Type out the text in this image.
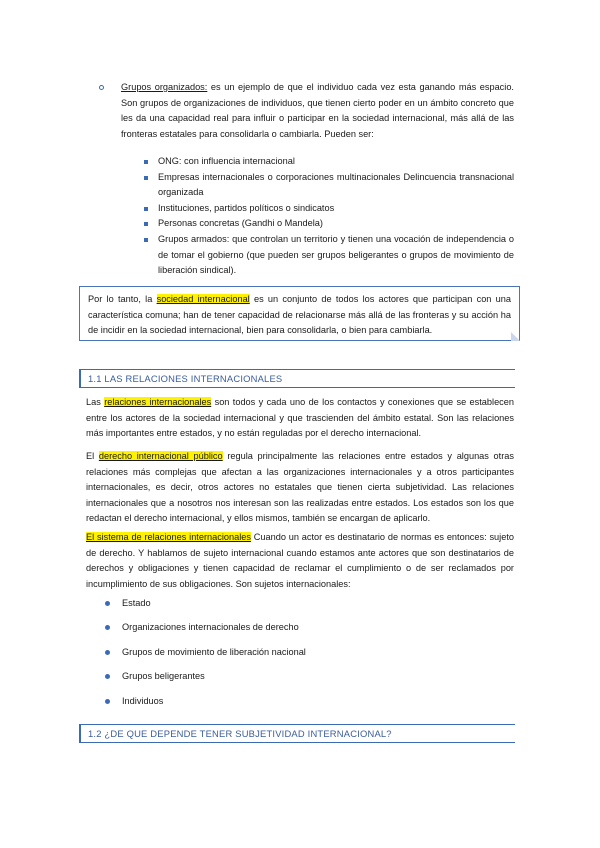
Grupos organizados: es un ejemplo de que el individuo cada vez esta ganando más espacio. Son grupos de organizaciones de individuos, que tienen cierto poder en un ámbito concreto que les da una capacidad real para influir o participar en la sociedad internacional, más allá de las fronteras estatales para consolidarla o cambiarla. Pueden ser:

ONG: con influencia internacional
Empresas internacionales o corporaciones multinacionales Delincuencia transnacional organizada
Instituciones, partidos políticos o sindicatos
Personas concretas (Gandhi o Mandela)
Grupos armados: que controlan un territorio y tienen una vocación de independencia o de tomar el gobierno (que pueden ser grupos beligerantes o grupos de movimiento de liberación sindical).

Por lo tanto, la sociedad internacional es un conjunto de todos los actores que participan con una característica comuna; han de tener capacidad de relacionarse más allá de las fronteras y su acción ha de incidir en la sociedad internacional, bien para consolidarla, o bien para cambiarla.

1.1 LAS RELACIONES INTERNACIONALES

Las relaciones internacionales son todos y cada uno de los contactos y conexiones que se establecen entre los actores de la sociedad internacional y que trascienden del ámbito estatal. Son las relaciones más importantes entre estados, y no están reguladas por el derecho internacional.

El derecho internacional público regula principalmente las relaciones entre estados y algunas otras relaciones más complejas que afectan a las organizaciones internacionales y a otros participantes internacionales, es decir, otros actores no estatales que tienen cierta subjetividad. Las relaciones internacionales que a nosotros nos interesan son las realizadas entre estados. Los estados son los que redactan el derecho internacional, y ellos mismos, también se encargan de aplicarlo.

El sistema de relaciones internacionales Cuando un actor es destinatario de normas es entonces: sujeto de derecho. Y hablamos de sujeto internacional cuando estamos ante actores que son destinatarios de derechos y obligaciones y tienen capacidad de reclamar el cumplimiento o de ser reclamados por incumplimiento de sus obligaciones. Son sujetos internacionales:

Estado
Organizaciones internacionales de derecho
Grupos de movimiento de liberación nacional
Grupos beligerantes
Individuos
1.2 ¿DE QUE DEPENDE TENER SUBJETIVIDAD INTERNACIONAL?
